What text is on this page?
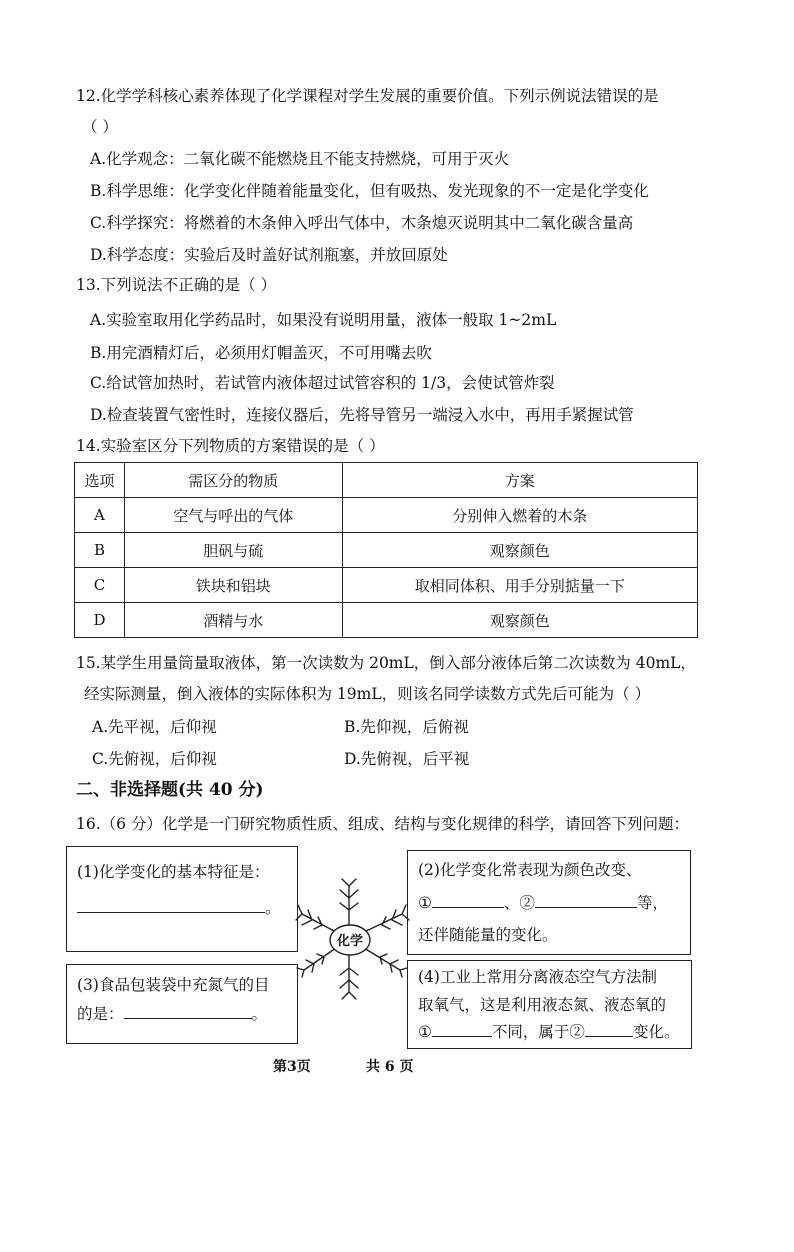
12.化学学科核心素养体现了化学课程对学生发展的重要价值。下列示例说法错误的是
（ ）
A.化学观念：二氧化碳不能燃烧且不能支持燃烧，可用于灭火
B.科学思维：化学变化伴随着能量变化，但有吸热、发光现象的不一定是化学变化
C.科学探究：将燃着的木条伸入呼出气体中，木条熄灭说明其中二氧化碳含量高
D.科学态度：实验后及时盖好试剂瓶塞，并放回原处
13.下列说法不正确的是（ ）
A.实验室取用化学药品时，如果没有说明用量，液体一般取 1~2mL
B.用完酒精灯后，必须用灯帽盖灭，不可用嘴去吹
C.给试管加热时，若试管内液体超过试管容积的 1/3，会使试管炸裂
D.检查装置气密性时，连接仪器后，先将导管另一端浸入水中，再用手紧握试管
14.实验室区分下列物质的方案错误的是（ ）
选项	需区分的物质	方案
A	空气与呼出的气体	分别伸入燃着的木条
B	胆矾与硫	观察颜色
C	铁块和铝块	取相同体积、用手分别掂量一下
D	酒精与水	观察颜色
15.某学生用量筒量取液体，第一次读数为 20mL，倒入部分液体后第二次读数为 40mL，
经实际测量，倒入液体的实际体积为 19mL，则该名同学读数方式先后可能为（ ）
A.先平视，后仰视	B.先仰视，后俯视
C.先俯视，后仰视	D.先俯视，后平视
二、非选择题(共 40 分)
16.（6 分）化学是一门研究物质性质、组成、结构与变化规律的科学，请回答下列问题：
(1)化学变化的基本特征是：
。
(2)化学变化常表现为颜色改变、
①	、②	等，
还伴随能量的变化。
(3)食品包装袋中充氮气的目
的是：	。
(4)工业上常用分离液态空气方法制
取氧气，这是利用液态氮、液态氧的
①	不同，属于②	变化。
化学
第3页	共 6 页
